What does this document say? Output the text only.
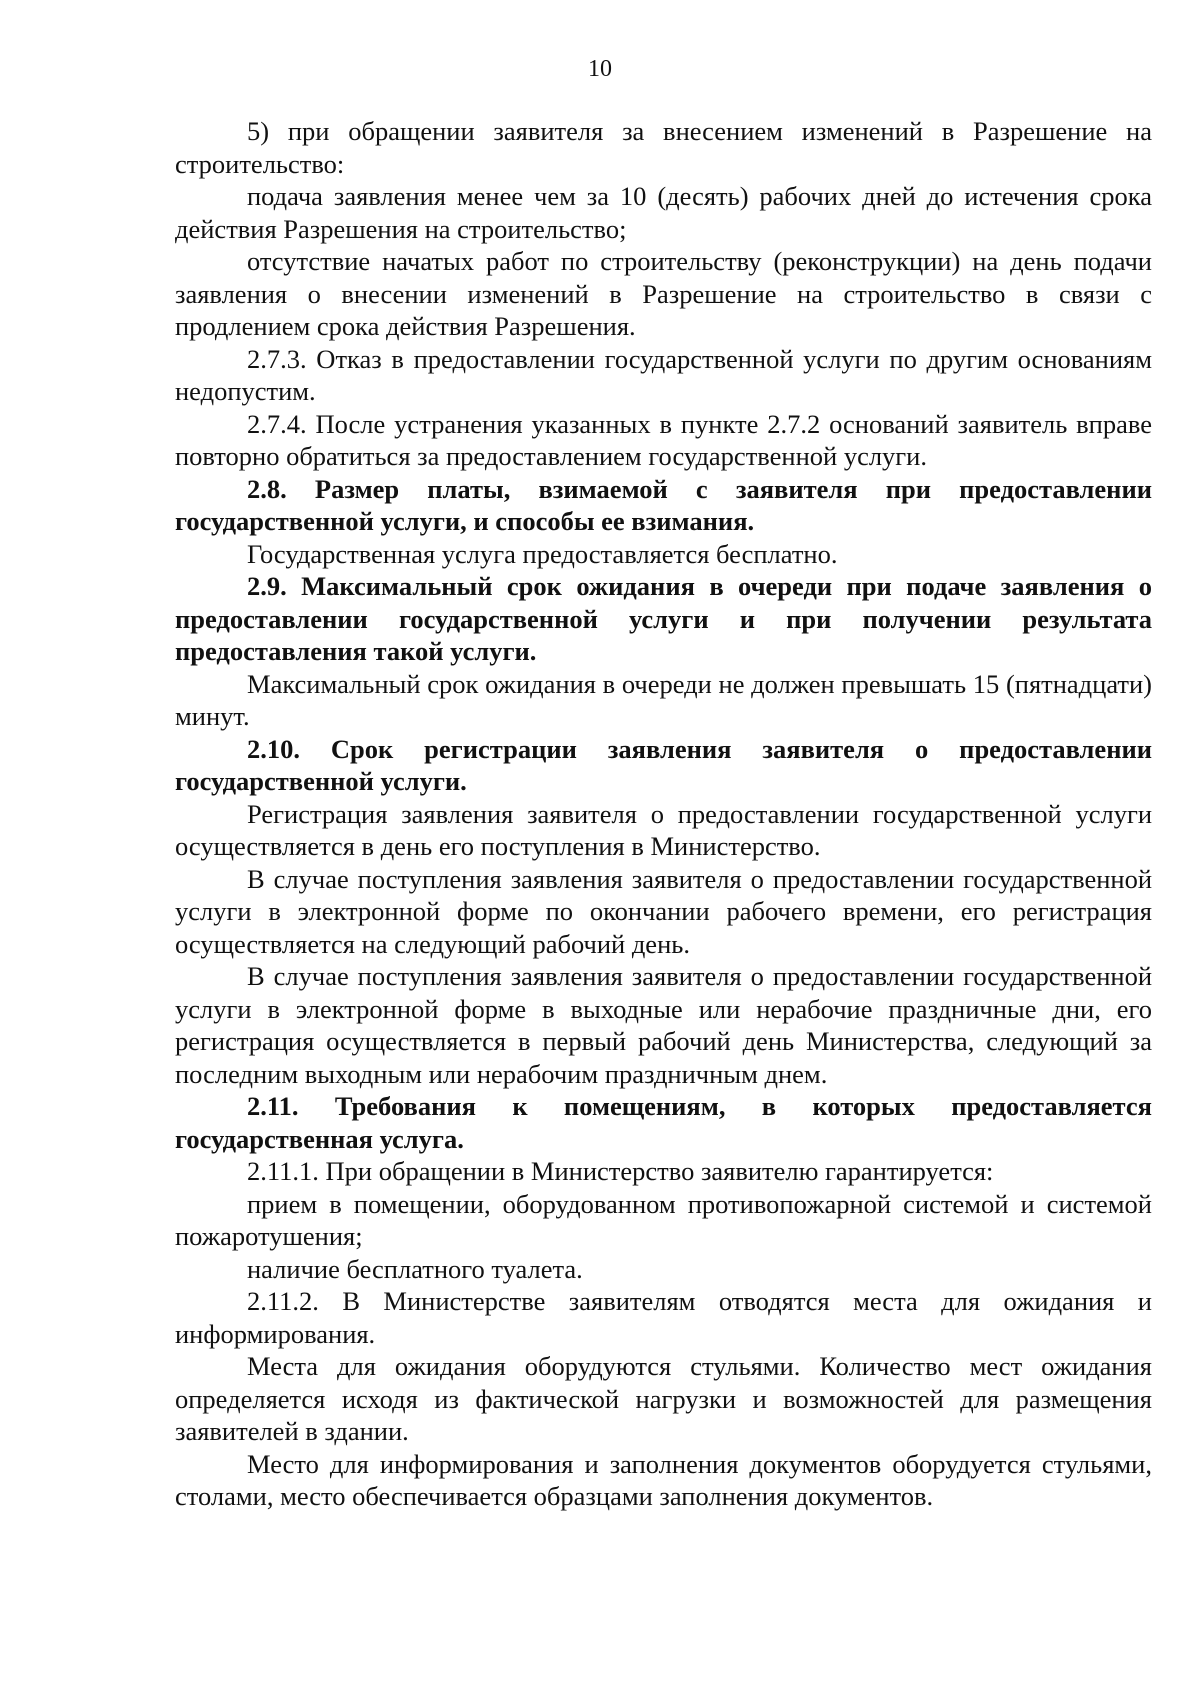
10

5) при обращении заявителя за внесением изменений в Разрешение на строительство:

подача заявления менее чем за 10 (десять) рабочих дней до истечения срока действия Разрешения на строительство;

отсутствие начатых работ по строительству (реконструкции) на день подачи заявления о внесении изменений в Разрешение на строительство в связи с продлением срока действия Разрешения.

2.7.3. Отказ в предоставлении государственной услуги по другим основаниям недопустим.

2.7.4. После устранения указанных в пункте 2.7.2 оснований заявитель вправе повторно обратиться за предоставлением государственной услуги.

2.8. Размер платы, взимаемой с заявителя при предоставлении государственной услуги, и способы ее взимания.

Государственная услуга предоставляется бесплатно.

2.9. Максимальный срок ожидания в очереди при подаче заявления о предоставлении государственной услуги и при получении результата предоставления такой услуги.

Максимальный срок ожидания в очереди не должен превышать 15 (пятнадцати) минут.

2.10. Срок регистрации заявления заявителя о предоставлении государственной услуги.

Регистрация заявления заявителя о предоставлении государственной услуги осуществляется в день его поступления в Министерство.

В случае поступления заявления заявителя о предоставлении государственной услуги в электронной форме по окончании рабочего времени, его регистрация осуществляется на следующий рабочий день.

В случае поступления заявления заявителя о предоставлении государственной услуги в электронной форме в выходные или нерабочие праздничные дни, его регистрация осуществляется в первый рабочий день Министерства, следующий за последним выходным или нерабочим праздничным днем.

2.11. Требования к помещениям, в которых предоставляется государственная услуга.

2.11.1. При обращении в Министерство заявителю гарантируется:

прием в помещении, оборудованном противопожарной системой и системой пожаротушения;

наличие бесплатного туалета.

2.11.2. В Министерстве заявителям отводятся места для ожидания и информирования.

Места для ожидания оборудуются стульями. Количество мест ожидания определяется исходя из фактической нагрузки и возможностей для размещения заявителей в здании.

Место для информирования и заполнения документов оборудуется стульями, столами, место обеспечивается образцами заполнения документов.
